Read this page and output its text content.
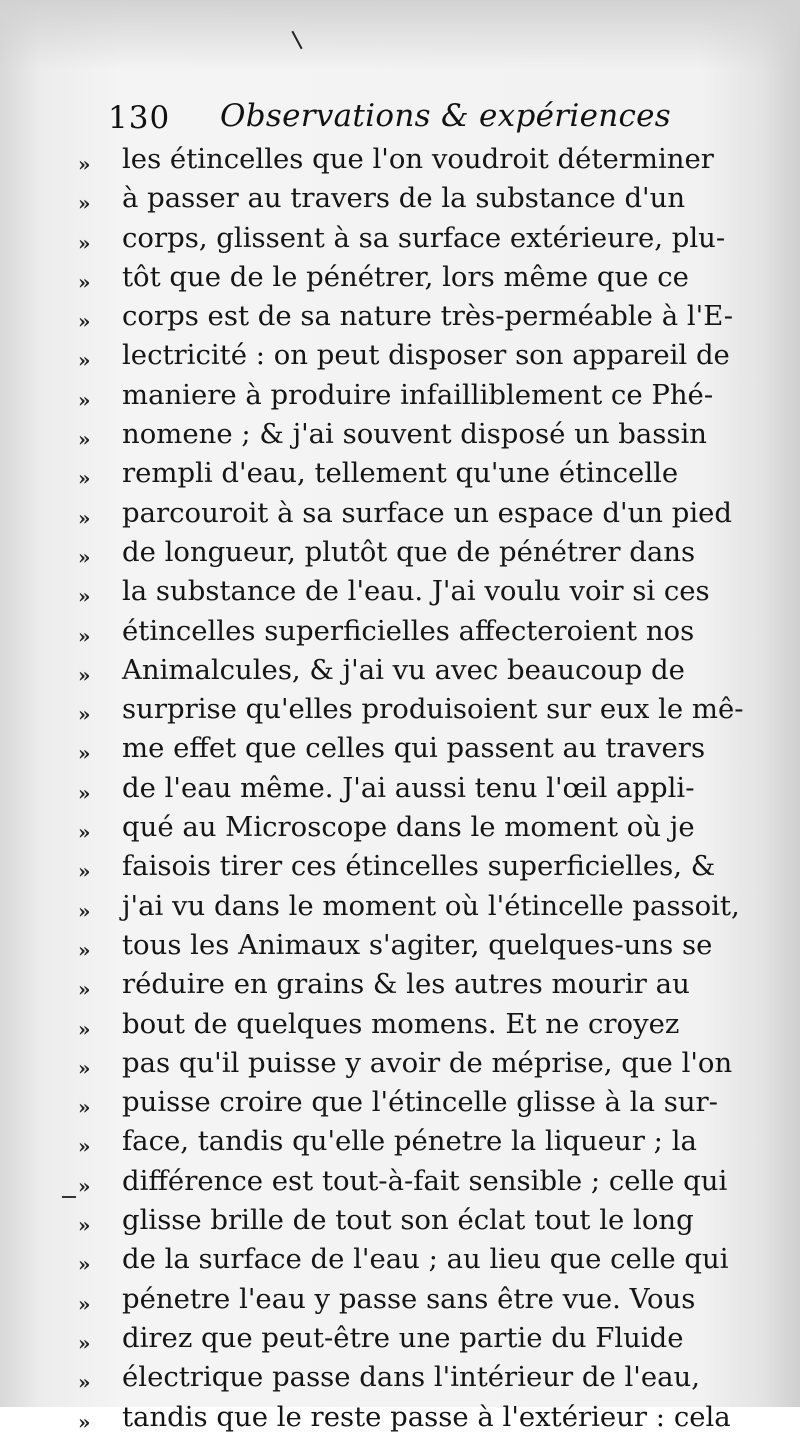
130 Observations & expériences
» les étincelles que l'on voudroit déterminer
» à passer au travers de la substance d'un
» corps, glissent à sa surface extérieure, plu-
» tôt que de le pénétrer, lors même que ce
» corps est de sa nature très-perméable à l'E-
» lectricité : on peut disposer son appareil de
» maniere à produire infailliblement ce Phé-
» nomene ; & j'ai souvent disposé un bassin
» rempli d'eau, tellement qu'une étincelle
» parcouroit à sa surface un espace d'un pied
» de longueur, plutôt que de pénétrer dans
» la substance de l'eau. J'ai voulu voir si ces
» étincelles superficielles affecteroient nos
» Animalcules, & j'ai vu avec beaucoup de
» surprise qu'elles produisoient sur eux le mê-
» me effet que celles qui passent au travers
» de l'eau même. J'ai aussi tenu l'œil appli-
» qué au Microscope dans le moment où je
» faisois tirer ces étincelles superficielles, &
» j'ai vu dans le moment où l'étincelle passoit,
» tous les Animaux s'agiter, quelques-uns se
» réduire en grains & les autres mourir au
» bout de quelques momens. Et ne croyez
» pas qu'il puisse y avoir de méprise, que l'on
» puisse croire que l'étincelle glisse à la sur-
» face, tandis qu'elle pénetre la liqueur ; la
» différence est tout-à-fait sensible ; celle qui
» glisse brille de tout son éclat tout le long
» de la surface de l'eau ; au lieu que celle qui
» pénetre l'eau y passe sans être vue. Vous
» direz que peut-être une partie du Fluide
» électrique passe dans l'intérieur de l'eau,
» tandis que le reste passe à l'extérieur : cela
